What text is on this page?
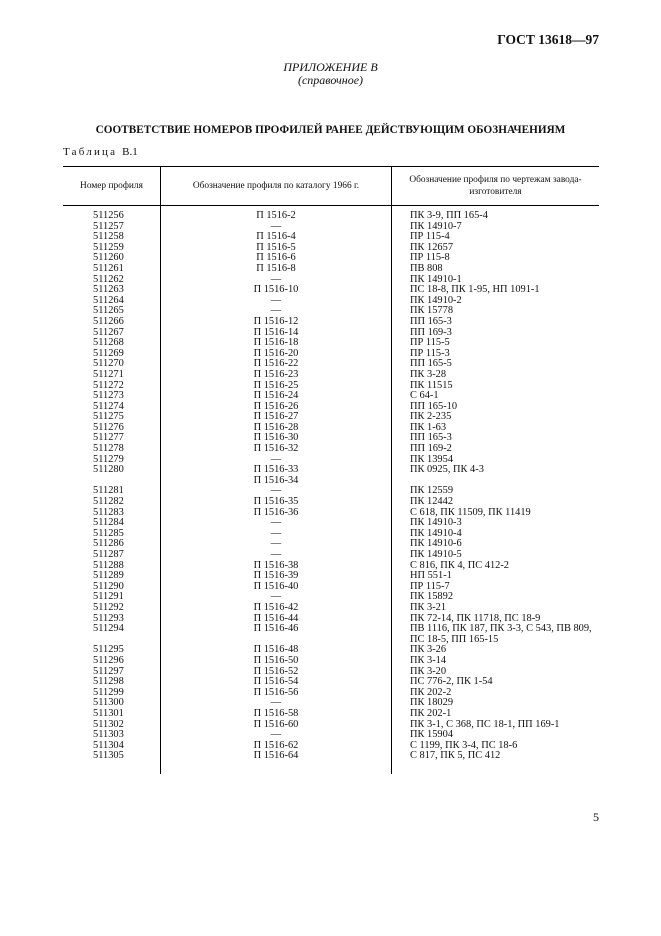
ГОСТ 13618—97
ПРИЛОЖЕНИЕ В
(справочное)
СООТВЕТСТВИЕ НОМЕРОВ ПРОФИЛЕЙ РАНЕЕ ДЕЙСТВУЮЩИМ ОБОЗНАЧЕНИЯМ
Таблица В.1
Номер профиля	Обозначение профиля по каталогу 1966 г.	Обозначение профиля по чертежам завода-изготовителя
511256	П 1516-2	ПК 3-9, ПП 165-4
511257	—	ПК 14910-7
511258	П 1516-4	ПР 115-4
511259	П 1516-5	ПК 12657
511260	П 1516-6	ПР 115-8
511261	П 1516-8	ПВ 808
511262	—	ПК 14910-1
511263	П 1516-10	ПС 18-8, ПК 1-95, НП 1091-1
511264	—	ПК 14910-2
511265	—	ПК 15778
511266	П 1516-12	ПП 165-3
511267	П 1516-14	ПП 169-3
511268	П 1516-18	ПР 115-5
511269	П 1516-20	ПР 115-3
511270	П 1516-22	ПП 165-5
511271	П 1516-23	ПК 3-28
511272	П 1516-25	ПК 11515
511273	П 1516-24	С 64-1
511274	П 1516-26	ПП 165-10
511275	П 1516-27	ПК 2-235
511276	П 1516-28	ПК 1-63
511277	П 1516-30	ПП 165-3
511278	П 1516-32	ПП 169-2
511279	—	ПК 13954
511280	П 1516-33	ПК 0925, ПК 4-3
	П 1516-34	
511281	—	ПК 12559
511282	П 1516-35	ПК 12442
511283	П 1516-36	С 618, ПК 11509, ПК 11419
511284	—	ПК 14910-3
511285	—	ПК 14910-4
511286	—	ПК 14910-6
511287	—	ПК 14910-5
511288	П 1516-38	С 816, ПК 4, ПС 412-2
511289	П 1516-39	НП 551-1
511290	П 1516-40	ПР 115-7
511291	—	ПК 15892
511292	П 1516-42	ПК 3-21
511293	П 1516-44	ПК 72-14, ПК 11718, ПС 18-9
511294	П 1516-46	ПВ 1116, ПК 187, ПК 3-3, С 543, ПВ 809,
		ПС 18-5, ПП 165-15
511295	П 1516-48	ПК 3-26
511296	П 1516-50	ПК 3-14
511297	П 1516-52	ПК 3-20
511298	П 1516-54	ПС 776-2, ПК 1-54
511299	П 1516-56	ПК 202-2
511300	—	ПК 18029
511301	П 1516-58	ПК 202-1
511302	П 1516-60	ПК 3-1, С 368, ПС 18-1, ПП 169-1
511303	—	ПК 15904
511304	П 1516-62	С 1199, ПК 3-4, ПС 18-6
511305	П 1516-64	С 817, ПК 5, ПС 412
5
